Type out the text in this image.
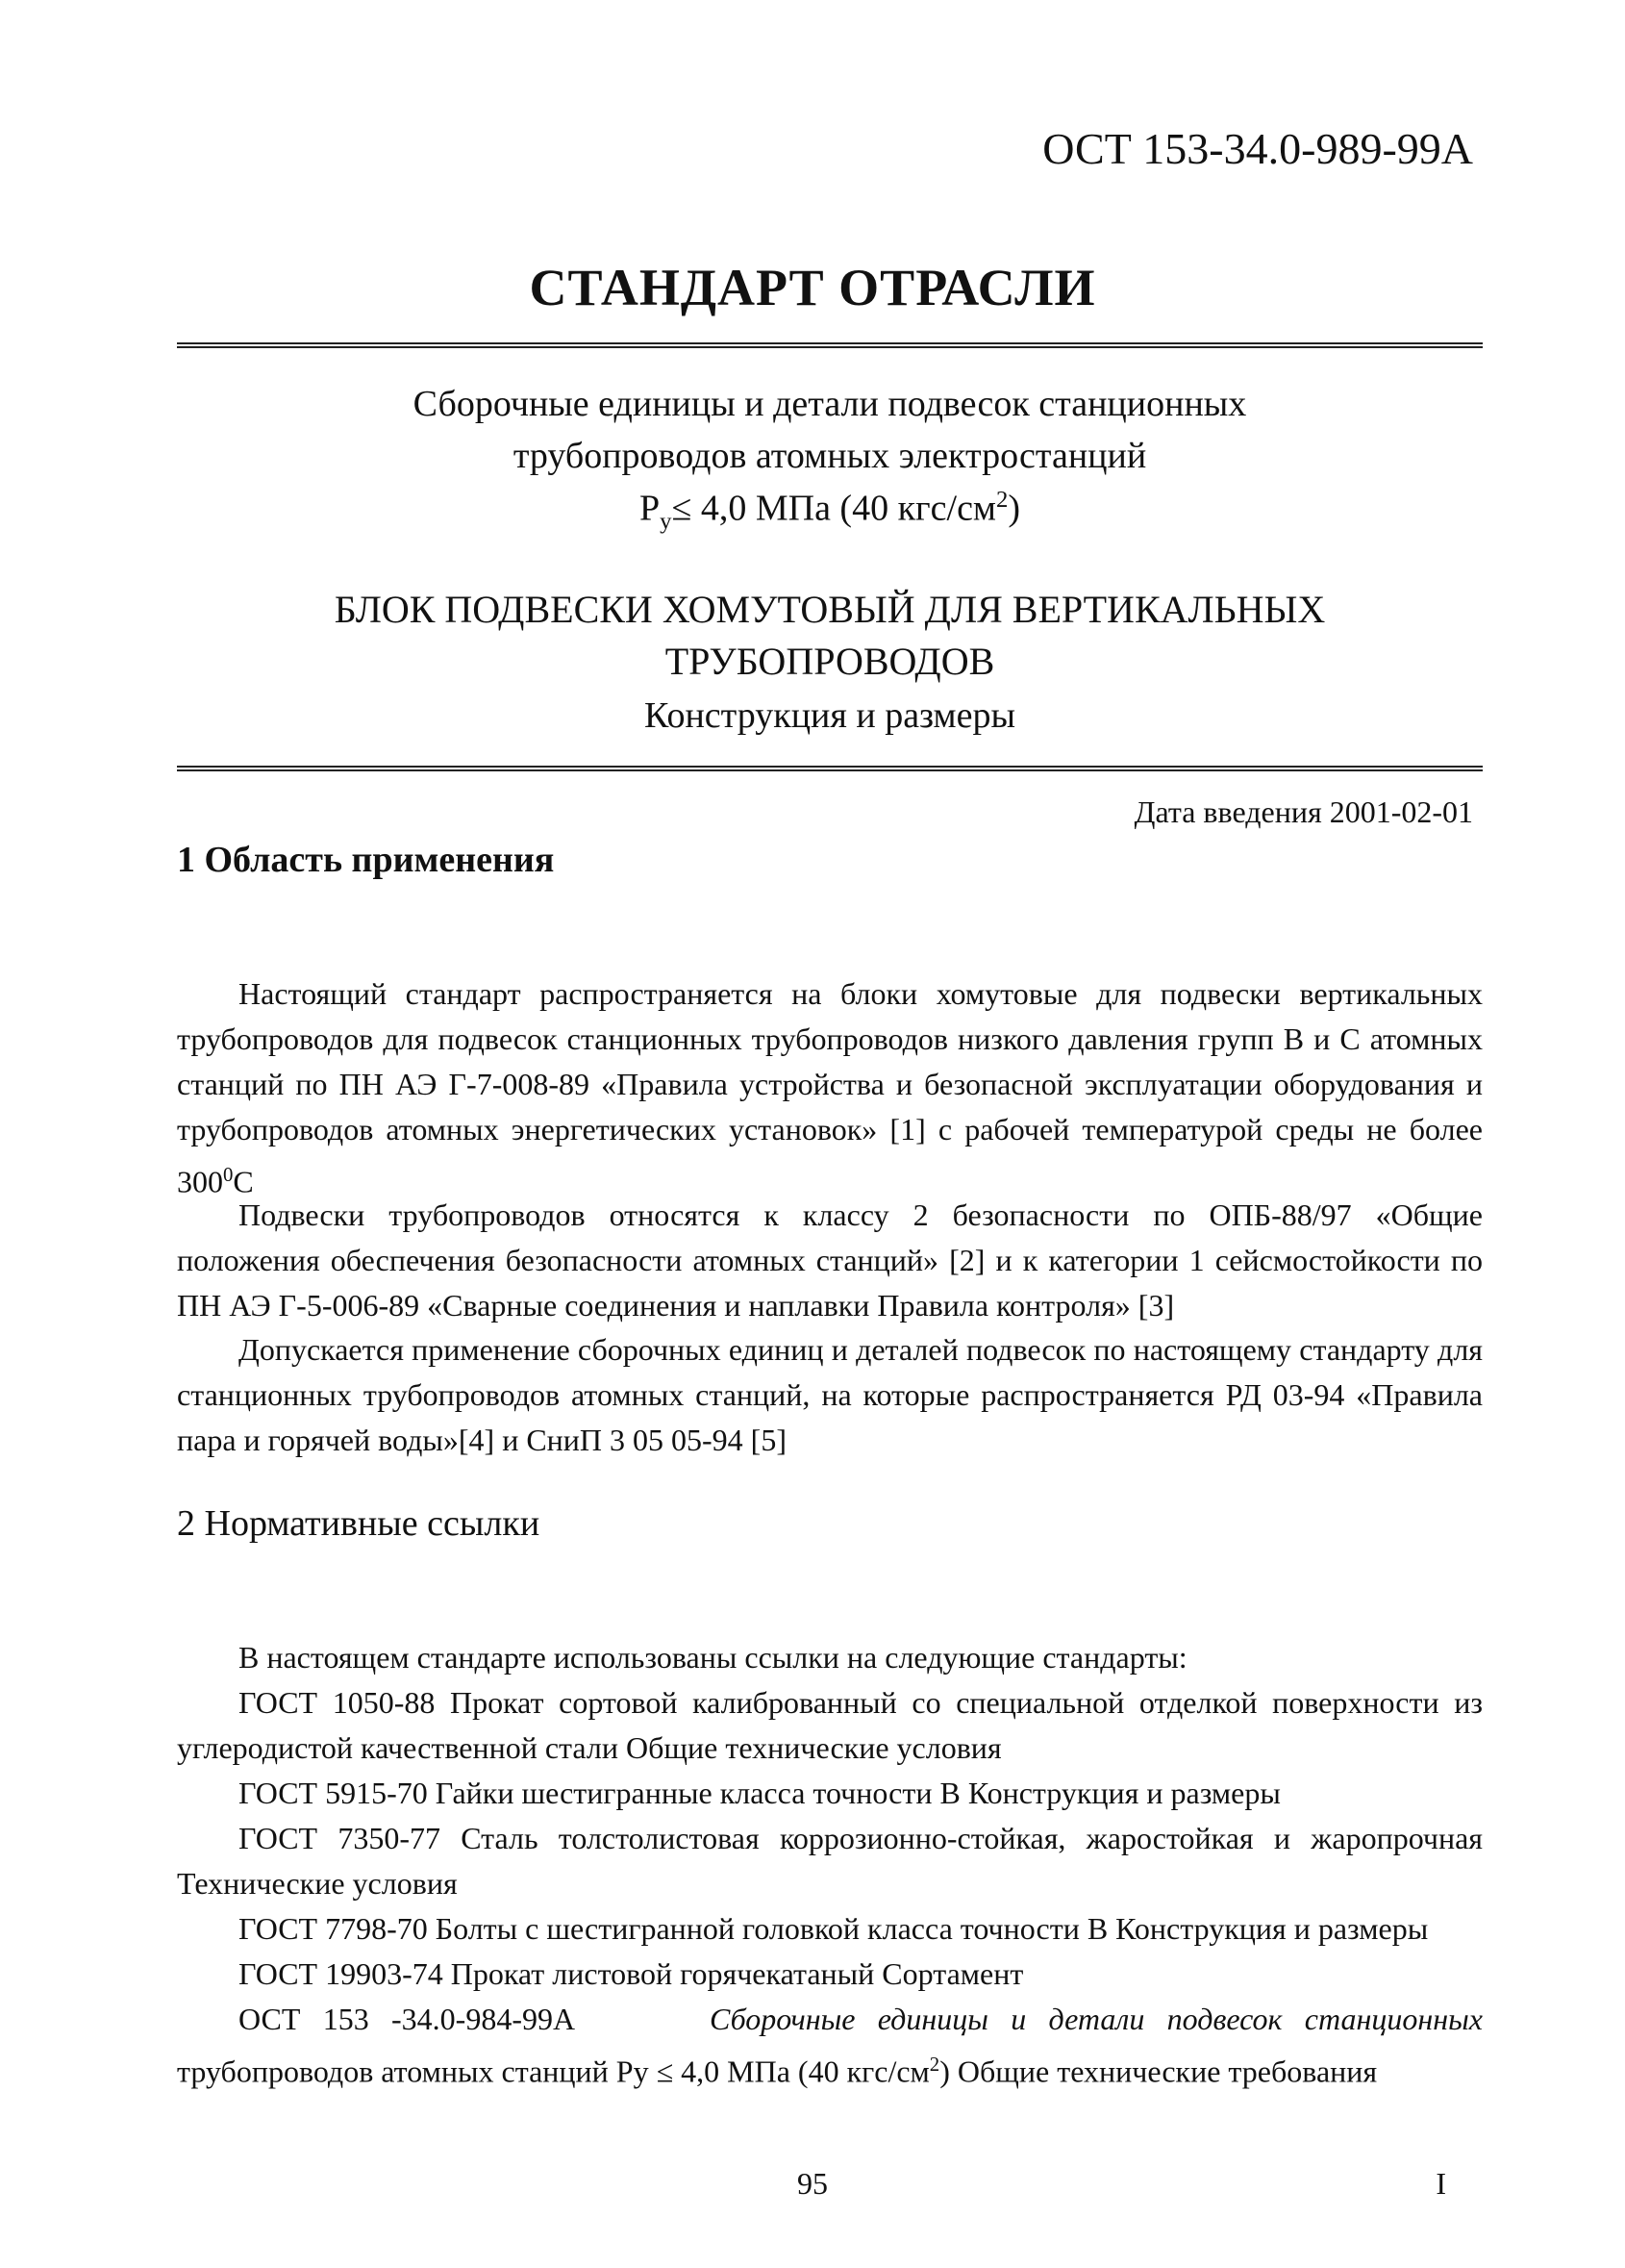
ОСТ 153-34.0-989-99А
СТАНДАРТ ОТРАСЛИ
Сборочные единицы и детали подвесок станционных
трубопроводов атомных электростанций
$Р_у\le 4,0$ МПа (40 кгс/$см^2$)
БЛОК ПОДВЕСКИ ХОМУТОВЫЙ ДЛЯ ВЕРТИКАЛЬНЫХ
ТРУБОПРОВОДОВ
Конструкция и размеры
Дата введения 2001-02-01
1 Область применения
Настоящий стандарт распространяется на блоки хомутовые для подвески вертикальных трубопроводов для подвесок станционных трубопроводов низкого давления групп В и С атомных станций по ПН АЭ Г-7-008-89 «Правила устройства и безопасной эксплуатации оборудования и трубопроводов атомных энергетических установок» [1] с рабочей температурой среды не более $300^0С$
Подвески трубопроводов относятся к классу 2 безопасности по ОПБ-88/97 «Общие положения обеспечения безопасности атомных станций» [2] и к категории 1 сейсмостойкости по ПН АЭ Г-5-006-89 «Сварные соединения и наплавки Правила контроля» [3]
Допускается применение сборочных единиц и деталей подвесок по настоящему стандарту для станционных трубопроводов атомных станций, на которые распространяется РД 03-94 «Правила пара и горячей воды»[4] и СниП 3 05 05-94 [5]
2 Нормативные ссылки
В настоящем стандарте использованы ссылки на следующие стандарты:
ГОСТ 1050-88 Прокат сортовой калиброванный со специальной отделкой поверхности из углеродистой качественной стали Общие технические условия
ГОСТ 5915-70 Гайки шестигранные класса точности В Конструкция и размеры
ГОСТ 7350-77 Сталь толстолистовая коррозионно-стойкая, жаростойкая и жаропрочная Технические условия
ГОСТ 7798-70 Болты с шестигранной головкой класса точности В Конструкция и размеры
ГОСТ 19903-74 Прокат листовой горячекатаный Сортамент
ОСТ 153 -34.0-984-99А	Сборочные единицы и детали подвесок станционных трубопроводов атомных станций Ру ≤ 4,0 МПа (40 кгс/$см^2$) Общие технические требования
95	I
